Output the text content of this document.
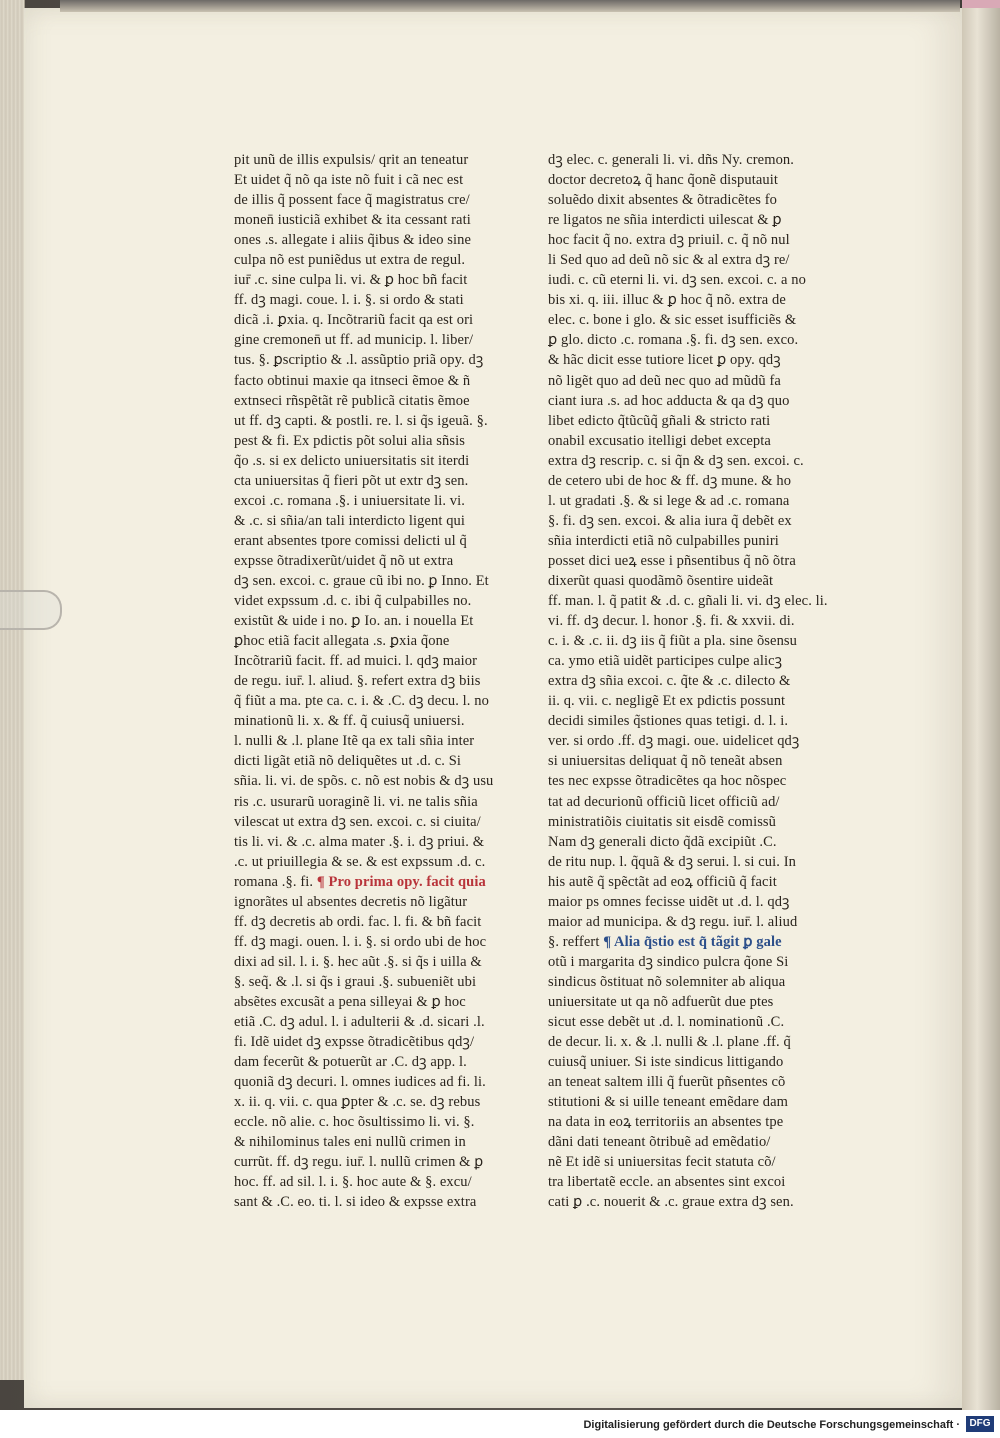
pit unũ de illis expulsis/ qrit an teneatur
Et uidet q̃ nõ qa iste nõ fuit i cã nec est
de illis q̃ possent face q̃ magistratus cre/
monen̄ iusticiã exhibet & ita cessant rati
ones .s. allegate i aliis q̃ibus & ideo sine
culpa nõ est puniẽdus ut extra de regul.
iur̄ .c. sine culpa li. vi. & ꝑ hoc bñ facit
ff. dꝫ magi. coue. l. i. §. si ordo & stati
dicã .i. ꝑxia. q. Incõtrariũ facit qa est ori
gine cremonen̄ ut ff. ad municip. l. liber/
tus. §. ꝑscriptio & .l. assũptio priã opy. dꝫ
facto obtinui maxie qa itnseci ẽmoe & ñ
extnseci rñspẽtãt rẽ publicã citatis ẽmoe
ut ff. dꝫ capti. & postli. re. l. si q̃s igeuã. §.
pest & fi. Ex pdictis põt solui alia sñsis
q̃o .s. si ex delicto uniuersitatis sit iterdi
cta uniuersitas q̃ fieri põt ut extr dꝫ sen.
excoi .c. romana .§. i uniuersitate li. vi.
& .c. si sñia/an tali interdicto ligent qui
erant absentes tpore comissi delicti ul q̃
expsse õtradixerũt/uidet q̃ nõ ut extra
dꝫ sen. excoi. c. graue cũ ibi no. ꝑ Inno. Et
videt expssum .d. c. ibi q̃ culpabilles no.
existũt & uide i no. ꝑ Io. an. i nouella Et
ꝑhoc etiã facit allegata .s. ꝑxia q̃one
Incõtrariũ facit. ff. ad muici. l. qdꝫ maior
de regu. iur̄. l. aliud. §. refert extra dꝫ biis
q̃ fiũt a ma. pte ca. c. i. & .C. dꝫ decu. l. no
minationũ li. x. & ff. q̃ cuiusq̃ uniuersi.
l. nulli & .l. plane Itẽ qa ex tali sñia inter
dicti ligãt etiã nõ deliquẽtes ut .d. c. Si
sñia. li. vi. de spõs. c. nõ est nobis & dꝫ usu
ris .c. usurarũ uoraginẽ li. vi. ne talis sñia
vilescat ut extra dꝫ sen. excoi. c. si ciuita/
tis li. vi. & .c. alma mater .§. i. dꝫ priui. &
.c. ut priuillegia & se. & est expssum .d. c.
romana .§. fi. ¶ Pro prima opy. facit quia
ignorãtes ul absentes decretis nõ ligãtur
ff. dꝫ decretis ab ordi. fac. l. fi. & bñ facit
ff. dꝫ magi. ouen. l. i. §. si ordo ubi de hoc
dixi ad sil. l. i. §. hec aũt .§. si q̃s i uilla &
§. seq̃. & .l. si q̃s i graui .§. subueniẽt ubi
absẽtes excusãt a pena silleyai & ꝑ hoc
etiã .C. dꝫ adul. l. i adulterii & .d. sicari .l.
fi. Idẽ uidet dꝫ expsse õtradicẽtibus qdꝫ/
dam fecerũt & potuerũt ar .C. dꝫ app. l.
quoniã dꝫ decuri. l. omnes iudices ad fi. li.
x. ii. q. vii. c. qua ꝑpter & .c. se. dꝫ rebus
eccle. nõ alie. c. hoc õsultissimo li. vi. §.
& nihilominus tales eni nullũ crimen in
currũt. ff. dꝫ regu. iur̄. l. nullũ crimen & ꝑ
hoc. ff. ad sil. l. i. §. hoc aute & §. excu/
sant & .C. eo. ti. l. si ideo & expsse extra
dꝫ elec. c. generali li. vi. dñs Ny. cremon.
doctor decretoꝝ q̃ hanc q̃onẽ disputauit
soluẽdo dixit absentes & õtradicẽtes fo
re ligatos ne sñia interdicti uilescat & ꝑ
hoc facit q̃ no. extra dꝫ priuil. c. q̃ nõ nul
li Sed quo ad deũ nõ sic & al extra dꝫ re/
iudi. c. cũ eterni li. vi. dꝫ sen. excoi. c. a no
bis xi. q. iii. illuc & ꝑ hoc q̃ nõ. extra de
elec. c. bone i glo. & sic esset isufficiẽs &
ꝑ glo. dicto .c. romana .§. fi. dꝫ sen. exco.
& hãc dicit esse tutiore licet ꝑ opy. qdꝫ
nõ ligẽt quo ad deũ nec quo ad mũdũ fa
ciant iura .s. ad hoc adducta & qa dꝫ quo
libet edicto q̃tũcũq̃ gñali & stricto rati
onabil excusatio itelligi debet excepta
extra dꝫ rescrip. c. si q̃n & dꝫ sen. excoi. c.
de cetero ubi de hoc & ff. dꝫ mune. & ho
l. ut gradati .§. & si lege & ad .c. romana
§. fi. dꝫ sen. excoi. & alia iura q̃ debẽt ex
sñia interdicti etiã nõ culpabilles puniri
posset dici ueꝝ esse i pñsentibus q̃ nõ õtra
dixerũt quasi quodãmõ õsentire uideãt
ff. man. l. q̃ patit & .d. c. gñali li. vi. dꝫ elec. li.
vi. ff. dꝫ decur. l. honor .§. fi. & xxvii. di.
c. i. & .c. ii. dꝫ iis q̃ fiũt a pla. sine õsensu
ca. ymo etiã uidẽt participes culpe alicꝫ
extra dꝫ sñia excoi. c. q̃te & .c. dilecto &
ii. q. vii. c. negligẽ Et ex pdictis possunt
decidi similes q̃stiones quas tetigi. d. l. i.
ver. si ordo .ff. dꝫ magi. oue. uidelicet qdꝫ
si uniuersitas deliquat q̃ nõ teneãt absen
tes nec expsse õtradicẽtes qa hoc nõspec
tat ad decurionũ officiũ licet officiũ ad/
ministratiõis ciuitatis sit eisdẽ comissũ
Nam dꝫ generali dicto q̃dã excipiũt .C.
de ritu nup. l. q̃quã & dꝫ serui. l. si cui. In
his autẽ q̃ spẽctãt ad eoꝝ officiũ q̃ facit
maior ps omnes fecisse uidẽt ut .d. l. qdꝫ
maior ad municipa. & dꝫ regu. iur̄. l. aliud
§. reffert ¶ Alia q̃stio est q̃ tãgit ꝑ gale
otũ i margarita dꝫ sindico pulcra q̃one Si
sindicus õstituat nõ solemniter ab aliqua
uniuersitate ut qa nõ adfuerũt due ptes
sicut esse debẽt ut .d. l. nominationũ .C.
de decur. li. x. & .l. nulli & .l. plane .ff. q̃
cuiusq̃ uniuer. Si iste sindicus littigando
an teneat saltem illi q̃ fuerũt pñsentes cõ
stitutioni & si uille teneant emẽdare dam
na data in eoꝝ territoriis an absentes tpe
dãni dati teneant õtribuẽ ad emẽdatio/
nẽ Et idẽ si uniuersitas fecit statuta cõ/
tra libertatẽ eccle. an absentes sint excoi
cati ꝑ .c. nouerit & .c. graue extra dꝫ sen.
Digitalisierung gefördert durch die Deutsche Forschungsgemeinschaft · DFG
